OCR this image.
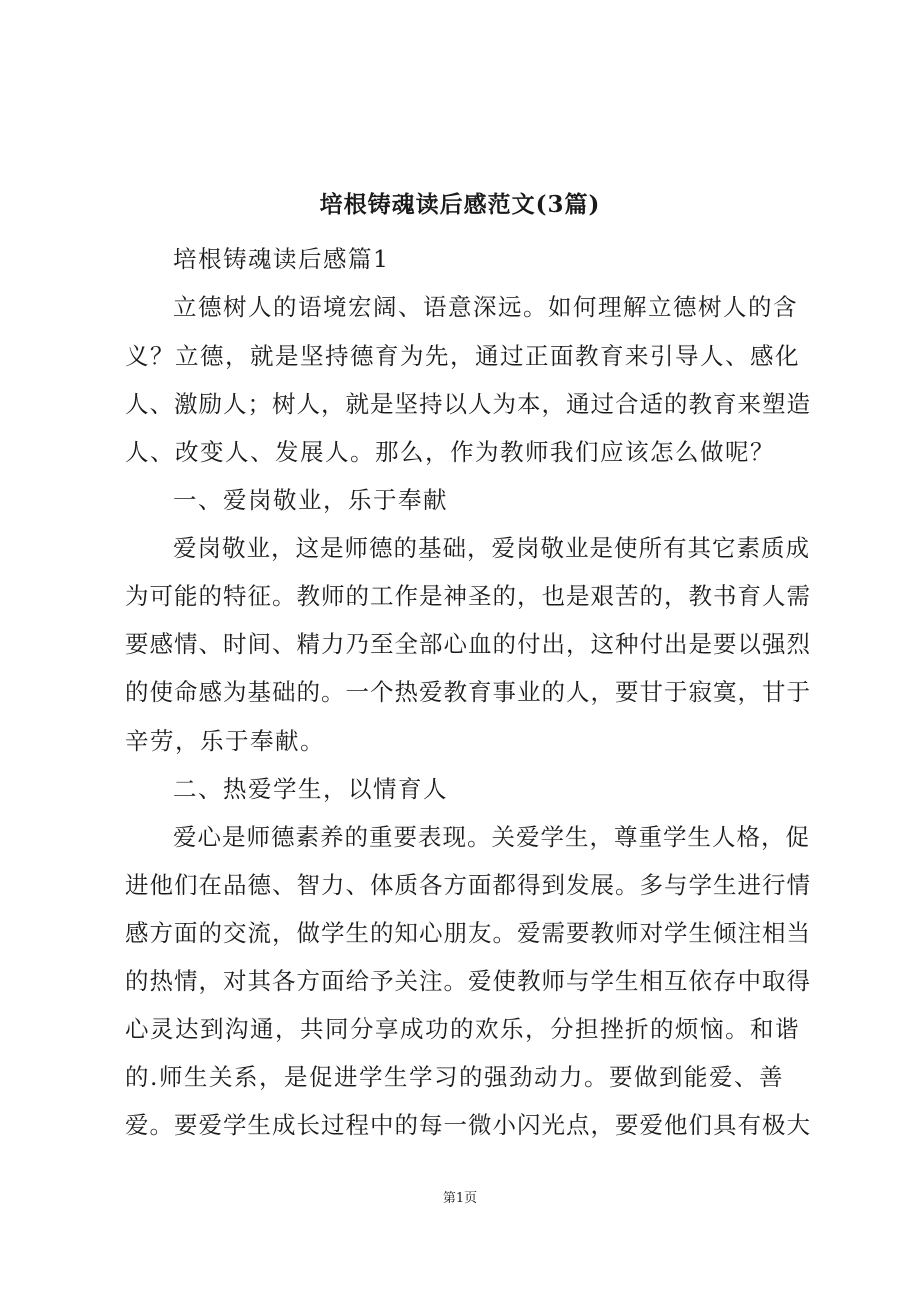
培根铸魂读后感范文(3篇)
培根铸魂读后感篇1
立德树人的语境宏阔、语意深远。如何理解立德树人的含
义？立德，就是坚持德育为先，通过正面教育来引导人、感化
人、激励人；树人，就是坚持以人为本，通过合适的教育来塑造
人、改变人、发展人。那么，作为教师我们应该怎么做呢？
一、爱岗敬业，乐于奉献
爱岗敬业，这是师德的基础，爱岗敬业是使所有其它素质成
为可能的特征。教师的工作是神圣的，也是艰苦的，教书育人需
要感情、时间、精力乃至全部心血的付出，这种付出是要以强烈
的使命感为基础的。一个热爱教育事业的人，要甘于寂寞，甘于
辛劳，乐于奉献。
二、热爱学生，以情育人
爱心是师德素养的重要表现。关爱学生，尊重学生人格，促
进他们在品德、智力、体质各方面都得到发展。多与学生进行情
感方面的交流，做学生的知心朋友。爱需要教师对学生倾注相当
的热情，对其各方面给予关注。爱使教师与学生相互依存中取得
心灵达到沟通，共同分享成功的欢乐，分担挫折的烦恼。和谐
的.师生关系，是促进学生学习的强劲动力。要做到能爱、善
爱。要爱学生成长过程中的每一微小闪光点，要爱他们具有极大
第1页
